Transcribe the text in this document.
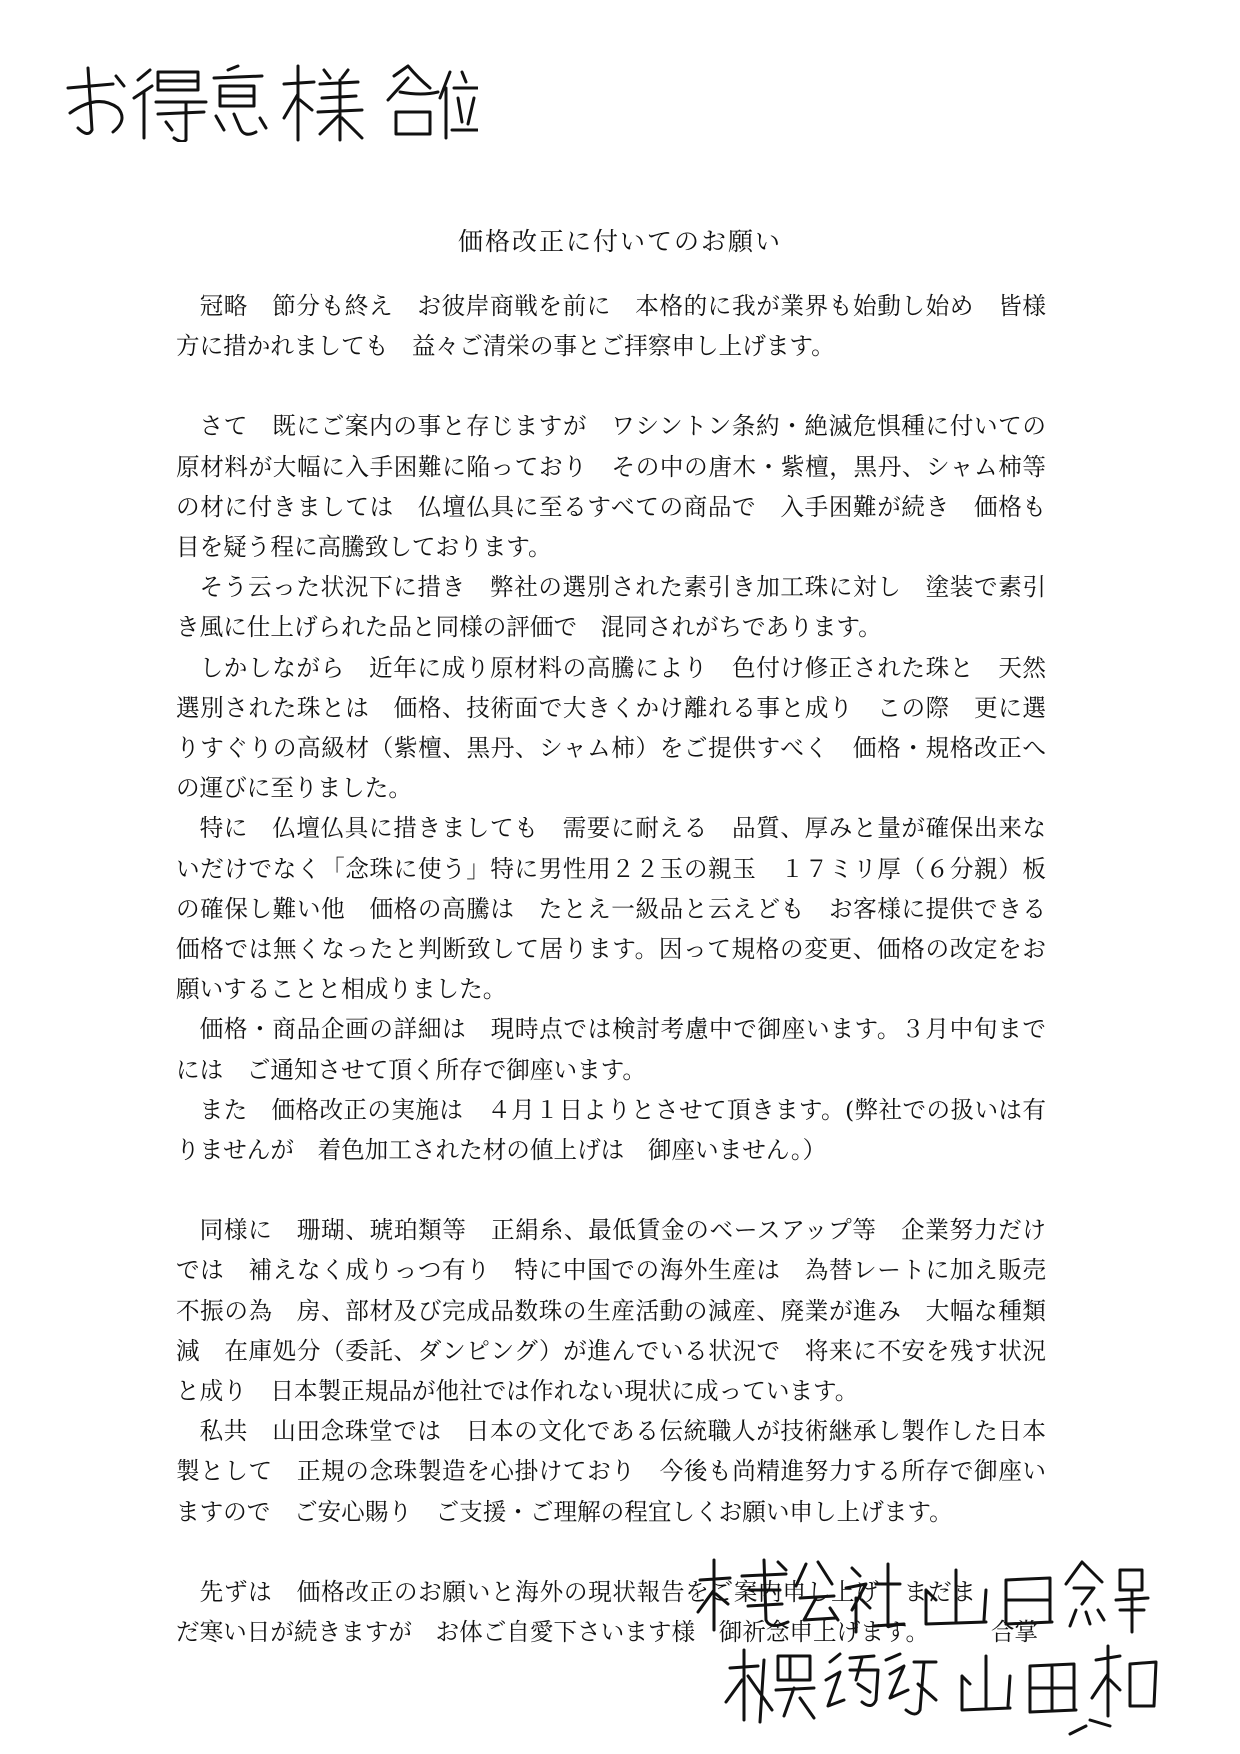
価格改正に付いてのお願い

冠略　節分も終え　お彼岸商戦を前に　本格的に我が業界も始動し始め　皆様方に措かれましても　益々ご清栄の事とご拝察申し上げます。

さて　既にご案内の事と存じますが　ワシントン条約・絶滅危惧種に付いての原材料が大幅に入手困難に陥っており　その中の唐木・紫檀，黒丹、シャム柿等の材に付きましては　仏壇仏具に至るすべての商品で　入手困難が続き　価格も目を疑う程に高騰致しております。

そう云った状況下に措き　弊社の選別された素引き加工珠に対し　塗装で素引き風に仕上げられた品と同様の評価で　混同されがちであります。

しかしながら　近年に成り原材料の高騰により　色付け修正された珠と　天然選別された珠とは　価格、技術面で大きくかけ離れる事と成り　この際　更に選りすぐりの高級材（紫檀、黒丹、シャム柿）をご提供すべく　価格・規格改正への運びに至りました。

特に　仏壇仏具に措きましても　需要に耐える　品質、厚みと量が確保出来ないだけでなく「念珠に使う」特に男性用２２玉の親玉　１７ミリ厚（６分親）板の確保し難い他　価格の高騰は　たとえ一級品と云えども　お客様に提供できる価格では無くなったと判断致して居ります。因って規格の変更、価格の改定をお願いすることと相成りました。

価格・商品企画の詳細は　現時点では検討考慮中で御座います。３月中旬までには　ご通知させて頂く所存で御座います。

また　価格改正の実施は　４月１日よりとさせて頂きます。(弊社での扱いは有りませんが　着色加工された材の値上げは　御座いません。）

同様に　珊瑚、琥珀類等　正絹糸、最低賃金のベースアップ等　企業努力だけでは　補えなく成りっつ有り　特に中国での海外生産は　為替レートに加え販売不振の為　房、部材及び完成品数珠の生産活動の減産、廃業が進み　大幅な種類減　在庫処分（委託、ダンピング）が進んでいる状況で　将来に不安を残す状況と成り　日本製正規品が他社では作れない現状に成っています。

私共　山田念珠堂では　日本の文化である伝統職人が技術継承し製作した日本製として　正規の念珠製造を心掛けており　今後も尚精進努力する所存で御座いますので　ご安心賜り　ご支援・ご理解の程宜しくお願い申し上げます。

先ずは　価格改正のお願いと海外の現状報告をご案内申し上げ　まだまだ寒い日が続きますが　お体ご自愛下さいます様　御祈念申上げます。	合掌
